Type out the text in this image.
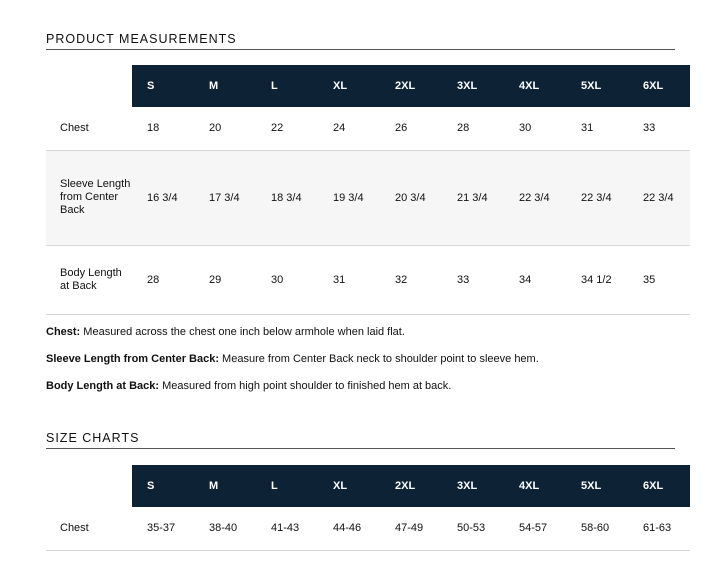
PRODUCT MEASUREMENTS
	S	M	L	XL	2XL	3XL	4XL	5XL	6XL
Chest	18	20	22	24	26	28	30	31	33
Sleeve Length from Center Back	16 3/4	17 3/4	18 3/4	19 3/4	20 3/4	21 3/4	22 3/4	22 3/4	22 3/4
Body Length at Back	28	29	30	31	32	33	34	34 1/2	35

Chest: Measured across the chest one inch below armhole when laid flat.

Sleeve Length from Center Back: Measure from Center Back neck to shoulder point to sleeve hem.

Body Length at Back: Measured from high point shoulder to finished hem at back.

SIZE CHARTS
	S	M	L	XL	2XL	3XL	4XL	5XL	6XL
Chest	35-37	38-40	41-43	44-46	47-49	50-53	54-57	58-60	61-63
